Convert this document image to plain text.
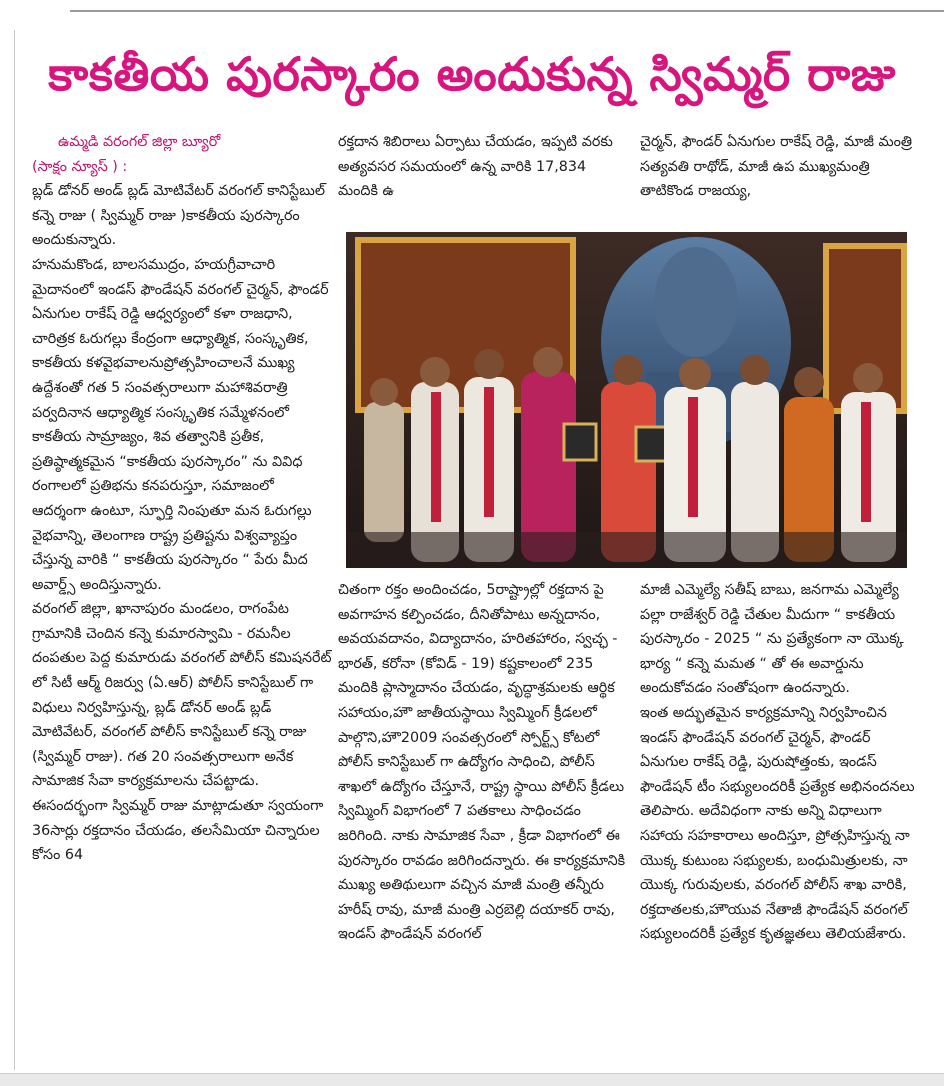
కాకతీయ పురస్కారం అందుకున్న స్విమ్మర్ రాజు

ఉమ్మడి వరంగల్ జిల్లా బ్యూరో

(సాక్షం న్యూస్ ) :

బ్లడ్ డోనర్ అండ్ బ్లడ్ మోటివేటర్ వరంగల్ కానిస్టేబుల్ కన్నె రాజు ( స్విమ్మర్ రాజు )కాకతీయ పురస్కారం అందుకున్నారు.

హనుమకొండ, బాలసముద్రం, హయగ్రీవాచారి మైదానంలో ఇండస్ ఫౌండేషన్ వరంగల్ చైర్మన్, ఫౌండర్ ఏనుగుల రాకేష్ రెడ్డి ఆధ్వర్యంలో కళా రాజధాని, చారిత్రక ఓరుగల్లు కేంద్రంగా ఆధ్యాత్మిక, సంస్కృతిక, కాకతీయ కళవైభవాలనుప్రోత్సహించాలనే ముఖ్య ఉద్దేశంతో గత 5 సంవత్సరాలుగా మహాశివరాత్రి పర్వదినాన ఆధ్యాత్మిక సంస్కృతిక సమ్మేళనంలో కాకతీయ సామ్రాజ్యం, శివ తత్వానికి ప్రతీక, ప్రతిష్ఠాత్మకమైన “కాకతీయ పురస్కారం” ను వివిధ రంగాలలో ప్రతిభను కనపరుస్తూ, సమాజంలో ఆదర్శంగా ఉంటూ, స్ఫూర్తి నింపుతూ మన ఓరుగల్లు వైభవాన్ని, తెలంగాణ రాష్ట్ర ప్రతిష్టను విశ్వవ్యాప్తం చేస్తున్న వారికి “ కాకతీయ పురస్కారం “ పేరు మీద అవార్డ్స్ అందిస్తున్నారు.

వరంగల్ జిల్లా, ఖానాపురం మండలం, రాగంపేట గ్రామానికి చెందిన కన్నె కుమారస్వామి - రమనీల దంపతుల పెద్ద కుమారుడు వరంగల్ పోలీస్ కమిషనరేట్ లో సిటీ ఆర్మ్ రిజర్వు (ఏ.ఆర్) పోలీస్ కానిస్టేబుల్ గా విధులు నిర్వహిస్తున్న, బ్లడ్ డోనర్ అండ్ బ్లడ్ మోటివేటర్, వరంగల్ పోలీస్ కానిస్టేబుల్ కన్నె రాజు (స్విమ్మర్ రాజు). గత 20 సంవత్సరాలుగా అనేక సామాజిక సేవా కార్యక్రమాలను చేపట్టాడు. ఈసందర్భంగా స్విమ్మర్ రాజు మాట్లాడుతూ స్వయంగా 36సార్లు రక్తదానం చేయడం, తలసేమియా చిన్నారుల కోసం 64

రక్తదాన శిబిరాలు ఏర్పాటు చేయడం, ఇప్పటి వరకు అత్యవసర సమయంలో ఉన్న వారికి 17,834 మందికి ఉ

చైర్మన్, ఫౌండర్ ఏనుగుల రాకేష్ రెడ్డి, మాజీ మంత్రి సత్యవతి రాథోడ్, మాజీ ఉప ముఖ్యమంత్రి తాటికొండ రాజయ్య,

చితంగా రక్తం అందించడం, 5రాష్ట్రాల్లో రక్తదాన పై అవగాహన కల్పించడం, దీనితోపాటు అన్నదానం, అవయవదానం, విద్యాదానం, హరితహారం, స్వచ్ఛ - భారత్, కరోనా (కోవిడ్ - 19) కష్టకాలంలో 235 మందికి ప్లాస్మాదానం చేయడం, వృద్ధాశ్రమలకు ఆర్థిక సహాయం,హౌ జాతీయస్థాయి స్విమ్మింగ్ క్రీడలలో పాల్గొని,హౌ2009 సంవత్సరంలో స్పోర్ట్స్ కోటలో పోలీస్ కానిస్టేబుల్ గా ఉద్యోగం సాధించి, పోలీస్ శాఖలో ఉద్యోగం చేస్తూనే, రాష్ట్ర స్థాయి పోలీస్ క్రీడలు స్విమ్మింగ్ విభాగంలో 7 పతకాలు సాధించడం జరిగింది. నాకు సామాజిక సేవా , క్రీడా విభాగంలో ఈ పురస్కారం రావడం జరిగిందన్నారు. ఈ కార్యక్రమానికి ముఖ్య అతిథులుగా వచ్చిన మాజీ మంత్రి తన్నీరు హరీష్ రావు, మాజీ మంత్రి ఎర్రబెల్లి దయాకర్ రావు, ఇండస్ ఫౌండేషన్ వరంగల్

మాజీ ఎమ్మెల్యే సతీష్ బాబు, జనగామ ఎమ్మెల్యే పల్లా రాజేశ్వర్ రెడ్డి చేతుల మీదుగా “ కాకతీయ పురస్కారం - 2025 “ ను ప్రత్యేకంగా నా యొక్క భార్య “ కన్నె మమత “ తో ఈ అవార్డును అందుకోవడం సంతోషంగా ఉందన్నారు.

ఇంత అద్భుతమైన కార్యక్రమాన్ని నిర్వహించిన ఇండస్ ఫౌండేషన్ వరంగల్ చైర్మన్, ఫౌండర్ ఏనుగుల రాకేష్ రెడ్డి, పురుషోత్తంకు, ఇండస్ ఫౌండేషన్ టీం సభ్యులందరికీ ప్రత్యేక అభినందనలు తెలిపారు. అదేవిధంగా నాకు అన్ని విధాలుగా సహాయ సహకారాలు అందిస్తూ, ప్రోత్సహిస్తున్న నా యొక్క కుటుంబ సభ్యులకు, బంధుమిత్రులకు, నా యొక్క గురువులకు, వరంగల్ పోలీస్ శాఖ వారికి, రక్తదాతలకు,హౌయువ నేతాజీ ఫౌండేషన్ వరంగల్ సభ్యులందరికీ ప్రత్యేక కృతజ్ఞతలు తెలియజేశారు.
